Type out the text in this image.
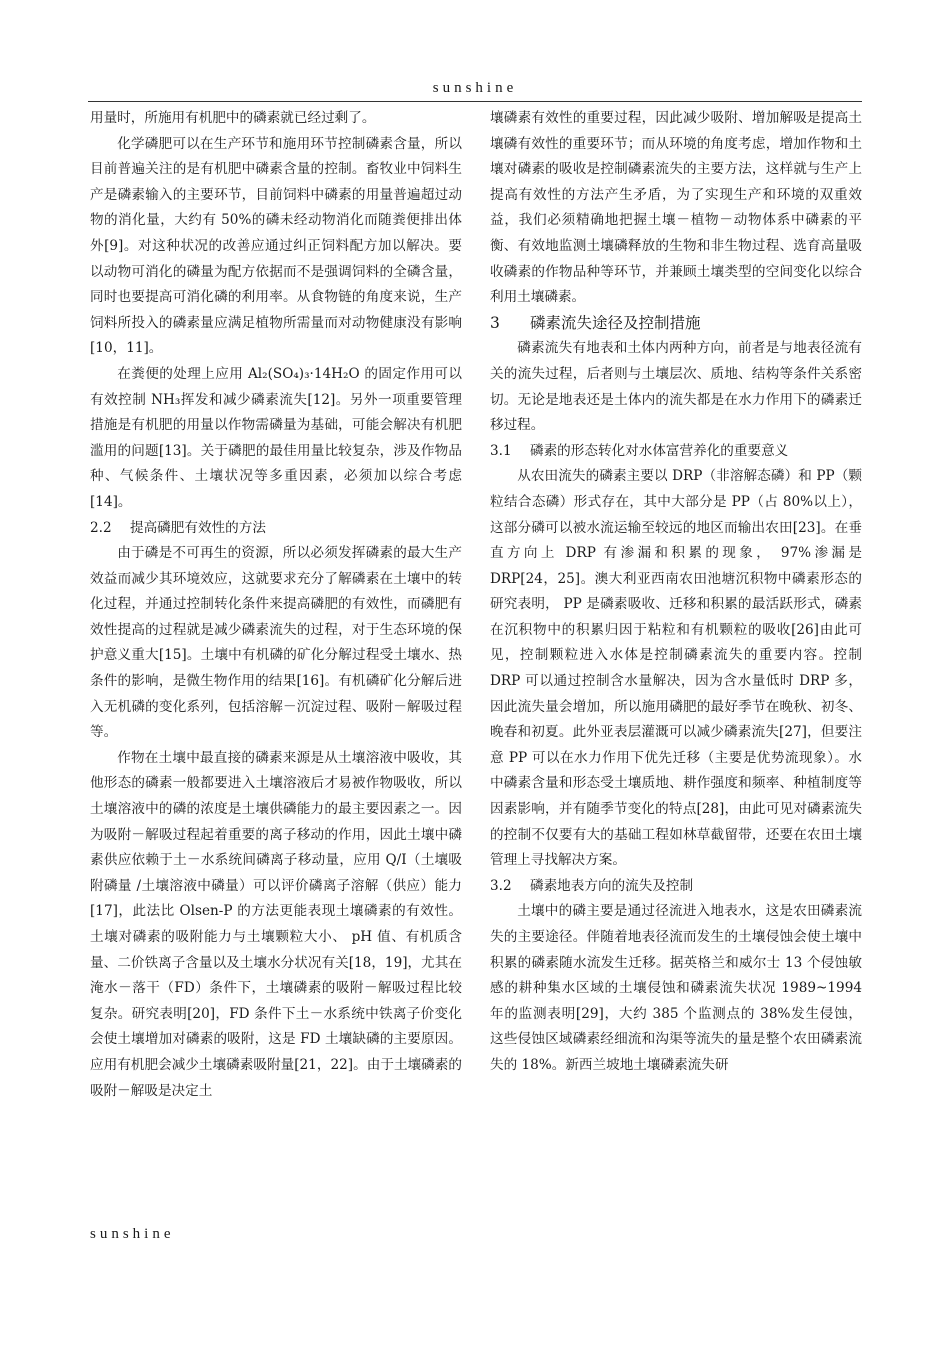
sunshine

用量时，所施用有机肥中的磷素就已经过剩了。

化学磷肥可以在生产环节和施用环节控制磷素含量，所以目前普遍关注的是有机肥中磷素含量的控制。畜牧业中饲料生产是磷素输入的主要环节，目前饲料中磷素的用量普遍超过动物的消化量，大约有 50%的磷未经动物消化而随粪便排出体外[9]。对这种状况的改善应通过纠正饲料配方加以解决。要以动物可消化的磷量为配方依据而不是强调饲料的全磷含量，同时也要提高可消化磷的利用率。从食物链的角度来说，生产饲料所投入的磷素量应满足植物所需量而对动物健康没有影响[10，11]。

在粪便的处理上应用 Al₂(SO₄)₃·14H₂O 的固定作用可以有效控制 NH₃挥发和减少磷素流失[12]。另外一项重要管理措施是有机肥的用量以作物需磷量为基础，可能会解决有机肥滥用的问题[13]。关于磷肥的最佳用量比较复杂，涉及作物品种、气候条件、土壤状况等多重因素，必须加以综合考虑[14]。

2.2 提高磷肥有效性的方法

由于磷是不可再生的资源，所以必须发挥磷素的最大生产效益而减少其环境效应，这就要求充分了解磷素在土壤中的转化过程，并通过控制转化条件来提高磷肥的有效性，而磷肥有效性提高的过程就是减少磷素流失的过程，对于生态环境的保护意义重大[15]。土壤中有机磷的矿化分解过程受土壤水、热条件的影响，是微生物作用的结果[16]。有机磷矿化分解后进入无机磷的变化系列，包括溶解－沉淀过程、吸附－解吸过程等。

作物在土壤中最直接的磷素来源是从土壤溶液中吸收，其他形态的磷素一般都要进入土壤溶液后才易被作物吸收，所以土壤溶液中的磷的浓度是土壤供磷能力的最主要因素之一。因为吸附－解吸过程起着重要的离子移动的作用，因此土壤中磷素供应依赖于土－水系统间磷离子移动量，应用 Q/I（土壤吸附磷量 /土壤溶液中磷量）可以评价磷离子溶解（供应）能力[17]，此法比 Olsen-P 的方法更能表现土壤磷素的有效性。土壤对磷素的吸附能力与土壤颗粒大小、 pH 值、有机质含量、二价铁离子含量以及土壤水分状况有关[18，19]，尤其在淹水－落干（FD）条件下，土壤磷素的吸附－解吸过程比较复杂。研究表明[20]，FD 条件下土－水系统中铁离子价变化会使土壤增加对磷素的吸附，这是 FD 土壤缺磷的主要原因。应用有机肥会减少土壤磷素吸附量[21，22]。由于土壤磷素的吸附－解吸是决定土

壤磷素有效性的重要过程，因此减少吸附、增加解吸是提高土壤磷有效性的重要环节；而从环境的角度考虑，增加作物和土壤对磷素的吸收是控制磷素流失的主要方法，这样就与生产上提高有效性的方法产生矛盾，为了实现生产和环境的双重效益，我们必须精确地把握土壤－植物－动物体系中磷素的平衡、有效地监测土壤磷释放的生物和非生物过程、选育高量吸收磷素的作物品种等环节，并兼顾土壤类型的空间变化以综合利用土壤磷素。

3 磷素流失途径及控制措施

磷素流失有地表和土体内两种方向，前者是与地表径流有关的流失过程，后者则与土壤层次、质地、结构等条件关系密切。无论是地表还是土体内的流失都是在水力作用下的磷素迁移过程。

3.1 磷素的形态转化对水体富营养化的重要意义

从农田流失的磷素主要以 DRP（非溶解态磷）和 PP（颗粒结合态磷）形式存在，其中大部分是 PP（占 80%以上），这部分磷可以被水流运输至较远的地区而输出农田[23]。在垂直方向上 DRP 有渗漏和积累的现象， 97%渗漏是 DRP[24，25]。澳大利亚西南农田池塘沉积物中磷素形态的研究表明， PP 是磷素吸收、迁移和积累的最活跃形式，磷素在沉积物中的积累归因于粘粒和有机颗粒的吸收[26]由此可见，控制颗粒进入水体是控制磷素流失的重要内容。控制 DRP 可以通过控制含水量解决，因为含水量低时 DRP 多，因此流失量会增加，所以施用磷肥的最好季节在晚秋、初冬、晚春和初夏。此外亚表层灌溉可以减少磷素流失[27]，但要注意 PP 可以在水力作用下优先迁移（主要是优势流现象）。水中磷素含量和形态受土壤质地、耕作强度和频率、种植制度等因素影响，并有随季节变化的特点[28]，由此可见对磷素流失的控制不仅要有大的基础工程如林草截留带，还要在农田土壤管理上寻找解决方案。

3.2 磷素地表方向的流失及控制

土壤中的磷主要是通过径流进入地表水，这是农田磷素流失的主要途径。伴随着地表径流而发生的土壤侵蚀会使土壤中积累的磷素随水流发生迁移。据英格兰和威尔士 13 个侵蚀敏感的耕种集水区域的土壤侵蚀和磷素流失状况 1989~1994 年的监测表明[29]，大约 385 个监测点的 38%发生侵蚀， 这些侵蚀区域磷素经细流和沟渠等流失的量是整个农田磷素流失的 18%。新西兰坡地土壤磷素流失研

sunshine
